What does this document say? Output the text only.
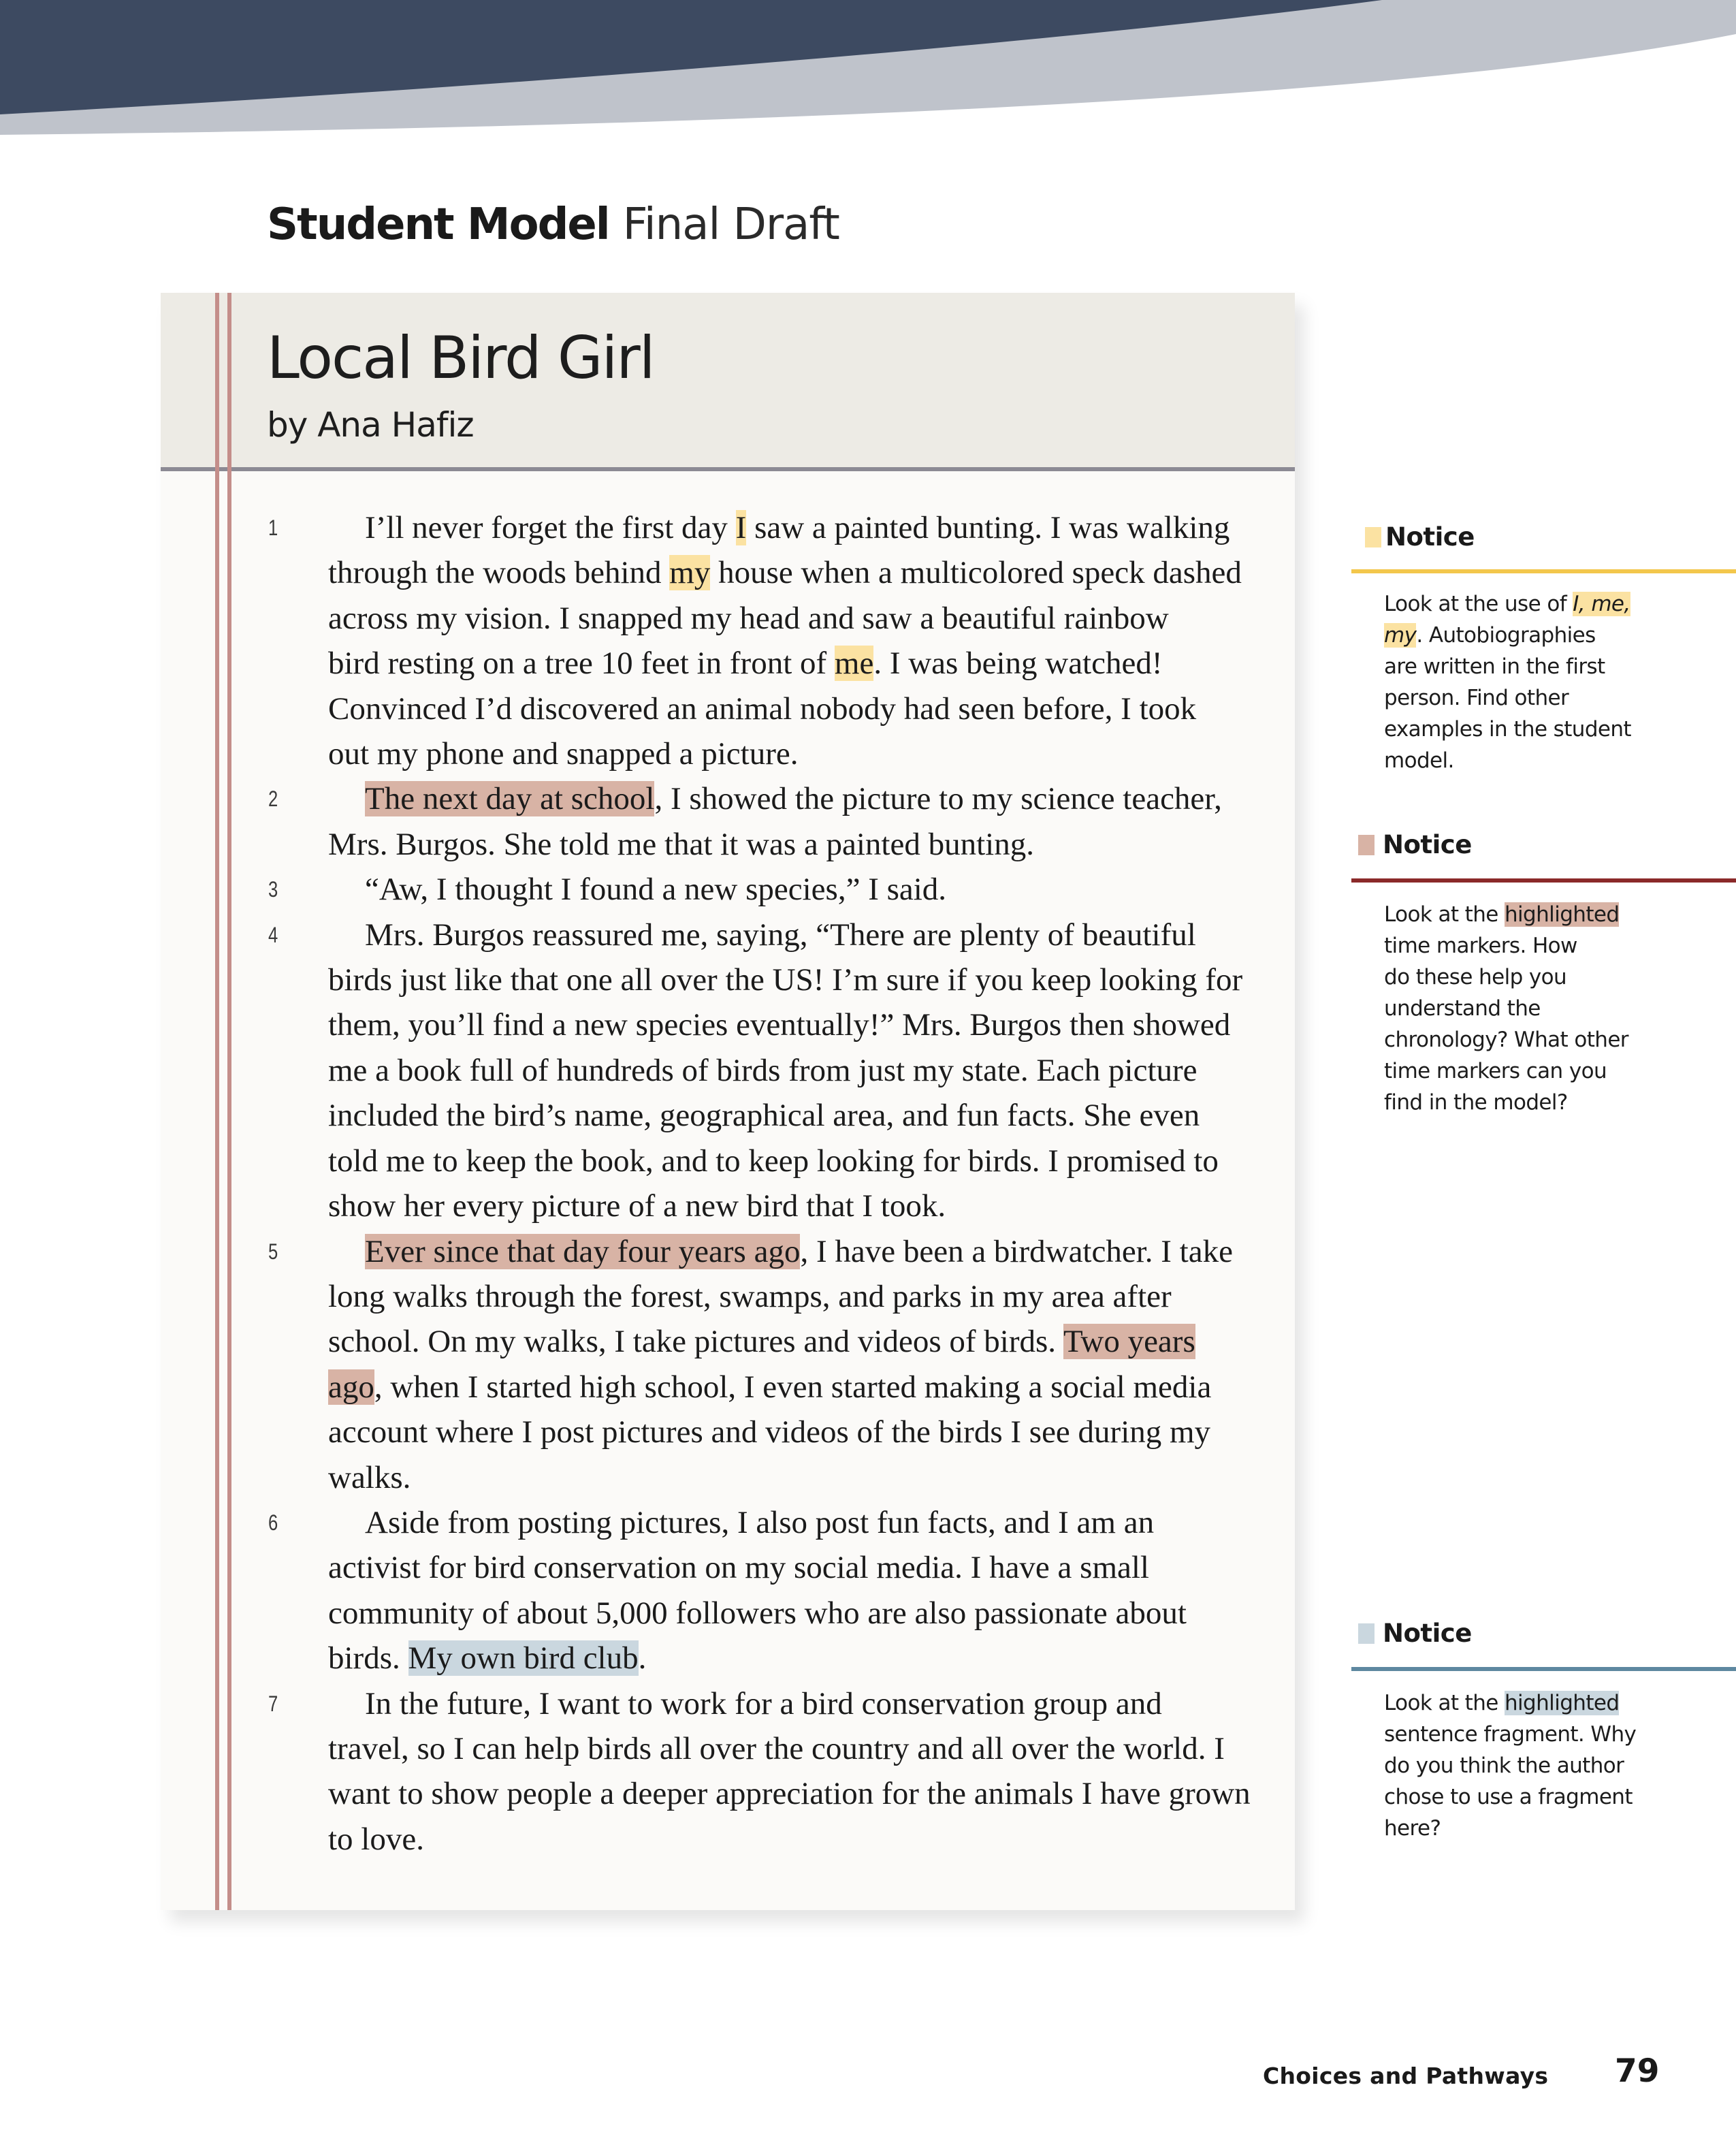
Student Model Final Draft
Local Bird Girl
by Ana Hafiz
1	I’ll never forget the first day I saw a painted bunting. I was walking
through the woods behind my house when a multicolored speck dashed
across my vision. I snapped my head and saw a beautiful rainbow
bird resting on a tree 10 feet in front of me. I was being watched!
Convinced I’d discovered an animal nobody had seen before, I took
out my phone and snapped a picture.
2	The next day at school, I showed the picture to my science teacher,
Mrs. Burgos. She told me that it was a painted bunting.
3	“Aw, I thought I found a new species,” I said.
4	Mrs. Burgos reassured me, saying, “There are plenty of beautiful
birds just like that one all over the US! I’m sure if you keep looking for
them, you’ll find a new species eventually!” Mrs. Burgos then showed
me a book full of hundreds of birds from just my state. Each picture
included the bird’s name, geographical area, and fun facts. She even
told me to keep the book, and to keep looking for birds. I promised to
show her every picture of a new bird that I took.
5	Ever since that day four years ago, I have been a birdwatcher. I take
long walks through the forest, swamps, and parks in my area after
school. On my walks, I take pictures and videos of birds. Two years
ago, when I started high school, I even started making a social media
account where I post pictures and videos of the birds I see during my
walks.
6	Aside from posting pictures, I also post fun facts, and I am an
activist for bird conservation on my social media. I have a small
community of about 5,000 followers who are also passionate about
birds. My own bird club.
7	In the future, I want to work for a bird conservation group and
travel, so I can help birds all over the country and all over the world. I
want to show people a deeper appreciation for the animals I have grown
to love.
Notice
Look at the use of I, me,
my. Autobiographies
are written in the first
person. Find other
examples in the student
model.
Notice
Look at the highlighted
time markers. How
do these help you
understand the
chronology? What other
time markers can you
find in the model?
Notice
Look at the highlighted
sentence fragment. Why
do you think the author
chose to use a fragment
here?
Choices and Pathways 79
